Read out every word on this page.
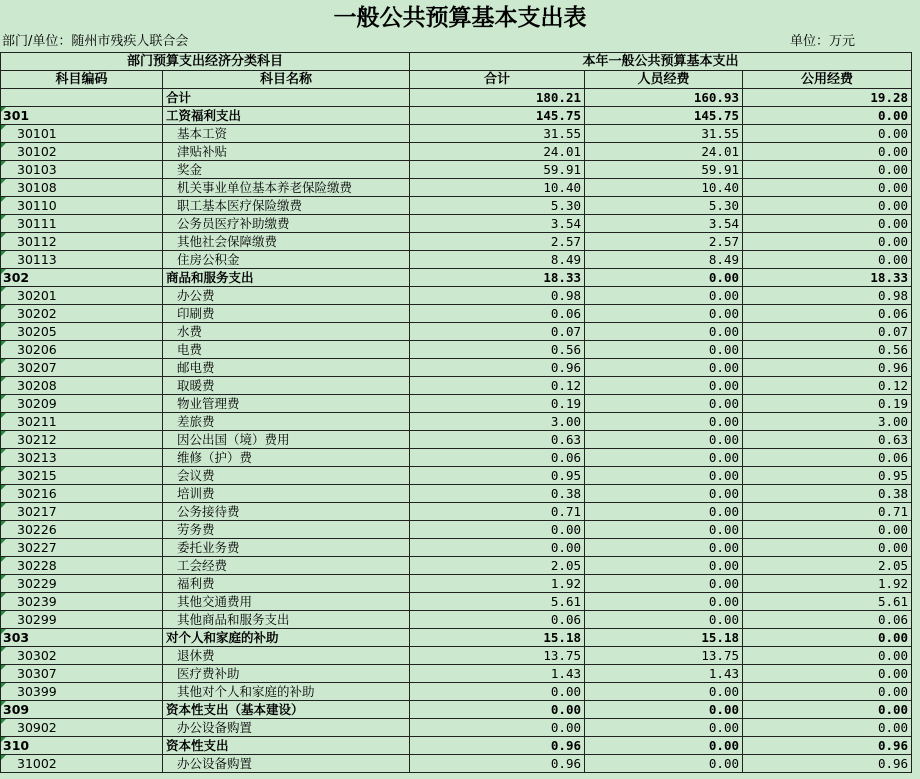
一般公共预算基本支出表
部门/单位：随州市残疾人联合会	单位：万元
部门预算支出经济分类科目		本年一般公共预算基本支出		
科目编码	科目名称	合计	人员经费	公用经费
	合计	180.21	160.93	19.28
301	工资福利支出	145.75	145.75	0.00
30101	基本工资	31.55	31.55	0.00
30102	津贴补贴	24.01	24.01	0.00
30103	奖金	59.91	59.91	0.00
30108	机关事业单位基本养老保险缴费	10.40	10.40	0.00
30110	职工基本医疗保险缴费	5.30	5.30	0.00
30111	公务员医疗补助缴费	3.54	3.54	0.00
30112	其他社会保障缴费	2.57	2.57	0.00
30113	住房公积金	8.49	8.49	0.00
302	商品和服务支出	18.33	0.00	18.33
30201	办公费	0.98	0.00	0.98
30202	印刷费	0.06	0.00	0.06
30205	水费	0.07	0.00	0.07
30206	电费	0.56	0.00	0.56
30207	邮电费	0.96	0.00	0.96
30208	取暖费	0.12	0.00	0.12
30209	物业管理费	0.19	0.00	0.19
30211	差旅费	3.00	0.00	3.00
30212	因公出国（境）费用	0.63	0.00	0.63
30213	维修（护）费	0.06	0.00	0.06
30215	会议费	0.95	0.00	0.95
30216	培训费	0.38	0.00	0.38
30217	公务接待费	0.71	0.00	0.71
30226	劳务费	0.00	0.00	0.00
30227	委托业务费	0.00	0.00	0.00
30228	工会经费	2.05	0.00	2.05
30229	福利费	1.92	0.00	1.92
30239	其他交通费用	5.61	0.00	5.61
30299	其他商品和服务支出	0.06	0.00	0.06
303	对个人和家庭的补助	15.18	15.18	0.00
30302	退休费	13.75	13.75	0.00
30307	医疗费补助	1.43	1.43	0.00
30399	其他对个人和家庭的补助	0.00	0.00	0.00
309	资本性支出（基本建设）	0.00	0.00	0.00
30902	办公设备购置	0.00	0.00	0.00
310	资本性支出	0.96	0.00	0.96
31002	办公设备购置	0.96	0.00	0.96
